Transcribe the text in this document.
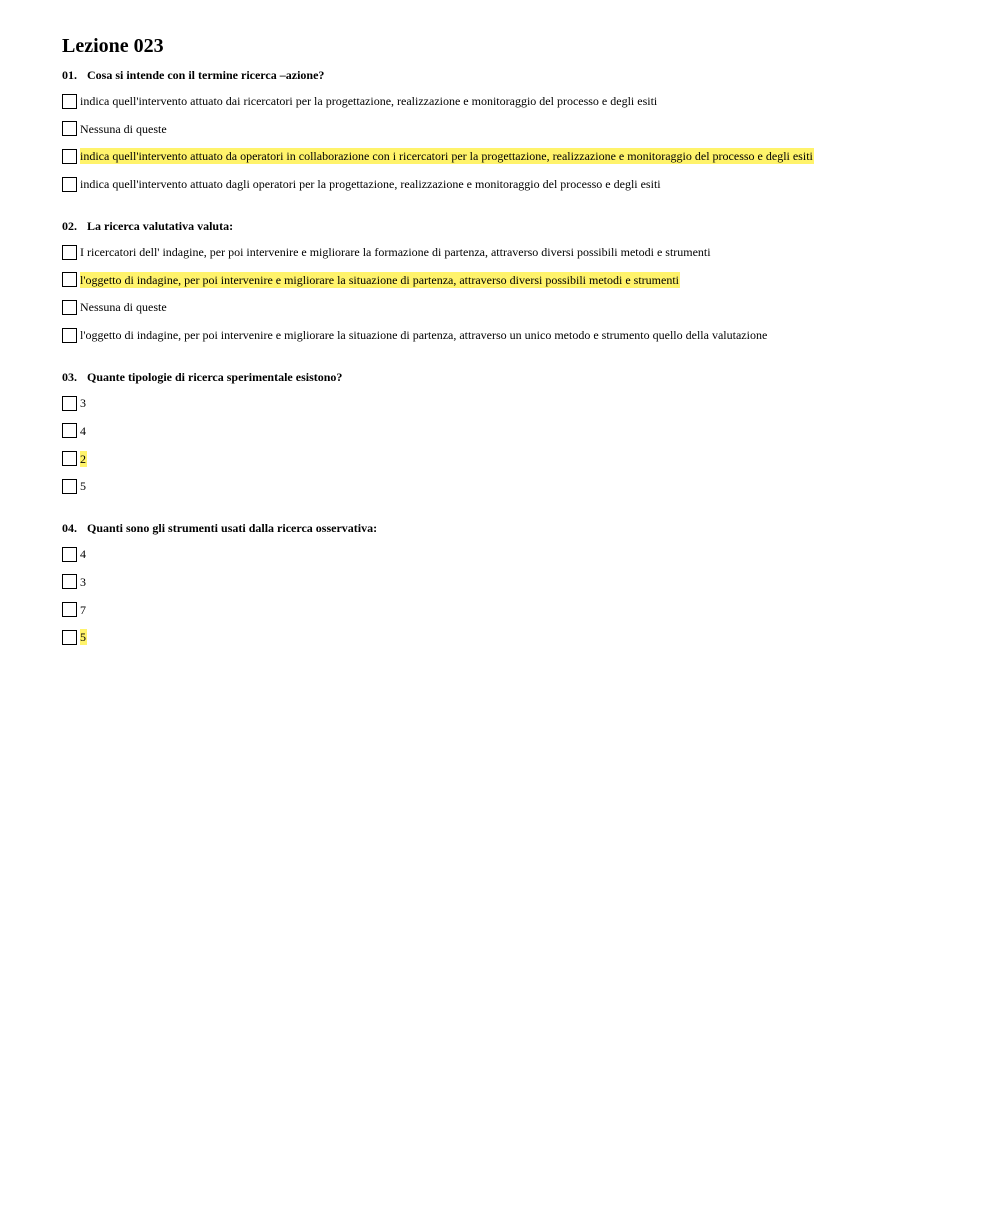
Lezione 023
01. Cosa si intende con il termine ricerca –azione?
indica quell'intervento attuato dai ricercatori per la progettazione, realizzazione e monitoraggio del processo e degli esiti
Nessuna di queste
indica quell'intervento attuato da operatori in collaborazione con i ricercatori per la progettazione, realizzazione e monitoraggio del processo e degli esiti
indica quell'intervento attuato dagli operatori per la progettazione, realizzazione e monitoraggio del processo e degli esiti
02. La ricerca valutativa valuta:
I ricercatori dell' indagine, per poi intervenire e migliorare la formazione di partenza, attraverso diversi possibili metodi e strumenti
l'oggetto di indagine, per poi intervenire e migliorare la situazione di partenza, attraverso diversi possibili metodi e strumenti
Nessuna di queste
l'oggetto di indagine, per poi intervenire e migliorare la situazione di partenza, attraverso un unico metodo e strumento quello della valutazione
03. Quante tipologie di ricerca sperimentale esistono?
3
4
2
5
04. Quanti sono gli strumenti usati dalla ricerca osservativa:
4
3
7
5
